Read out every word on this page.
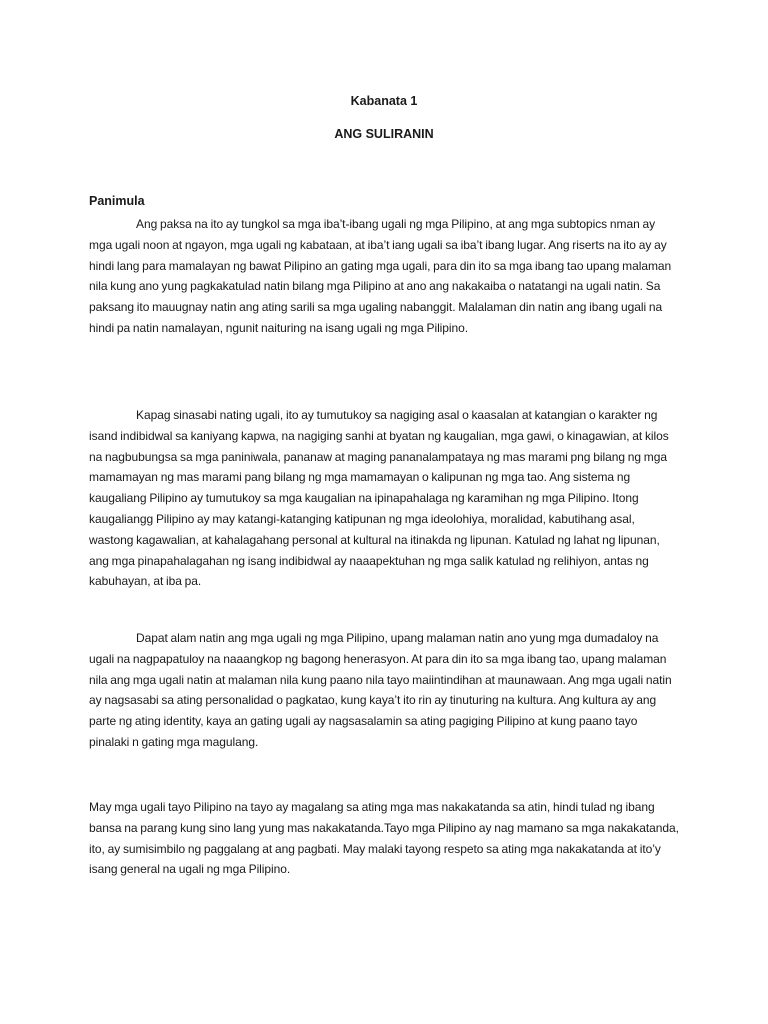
Kabanata 1
ANG SULIRANIN
Panimula

Ang paksa na ito ay tungkol sa mga iba’t-ibang ugali ng mga Pilipino, at ang mga subtopics nman ay mga ugali noon at ngayon, mga ugali ng kabataan, at iba’t iang ugali sa iba’t ibang lugar. Ang riserts na ito ay ay hindi lang para mamalayan ng bawat Pilipino an gating mga ugali, para din ito sa mga ibang tao upang malaman nila kung ano yung pagkakatulad natin bilang mga Pilipino at ano ang nakakaiba o natatangi na ugali natin. Sa paksang ito mauugnay natin ang ating sarili sa mga ugaling nabanggit. Malalaman din natin ang ibang ugali na hindi pa natin namalayan, ngunit naituring na isang ugali ng mga Pilipino.

Kapag sinasabi nating ugali, ito ay tumutukoy sa nagiging asal o kaasalan at katangian o karakter ng isand indibidwal sa kaniyang kapwa, na nagiging sanhi at byatan ng kaugalian, mga gawi, o kinagawian, at kilos na nagbubungsa sa mga paniniwala, pananaw at maging pananalampatayа ng mas marami png bilang ng mga mamamayan ng mas marami pang bilang ng mga mamamayan o kalipunan ng mga tao. Ang sistema ng kaugaliang Pilipino ay tumutukoy sa mga kaugalian na ipinapahalaga ng karamihan ng mga Pilipino. Itong kaugaliangg Pilipino ay may katangi-katanging katipunan ng mga ideolohiya, moralidad, kabutihang asal, wastong kagawalian, at kahalagahang personal at kultural na itinakda ng lipunan. Katulad ng lahat ng lipunan, ang mga pinapahalagahan ng isang indibidwal ay naaapektuhan ng mga salik katulad ng relihiyon, antas ng kabuhayan, at iba pa.

Dapat alam natin ang mga ugali ng mga Pilipino, upang malaman natin ano yung mga dumadaloy na ugali na nagpapatuloy na naaangkop ng bagong henerasyon. At para din ito sa mga ibang tao, upang malaman nila ang mga ugali natin at malaman nila kung paano nila tayo maiintindihan at maunawaan. Ang mga ugali natin ay nagsasabi sa ating personalidad o pagkatao, kung kaya’t ito rin ay tinuturing na kultura. Ang kultura ay ang parte ng ating identity, kaya an gating ugali ay nagsasalamin sa ating pagiging Pilipino at kung paano tayo pinalaki n gating mga magulang.

May mga ugali tayo Pilipino na tayo ay magalang sa ating mga mas nakakatanda sa atin, hindi tulad ng ibang bansa na parang kung sino lang yung mas nakakatanda.Tayo mga Pilipino ay nag mamano sa mga nakakatanda, ito, ay sumisimbilo ng paggalang at ang pagbati. May malaki tayong respeto sa ating mga nakakatanda at ito’y isang general na ugali ng mga Pilipino.
